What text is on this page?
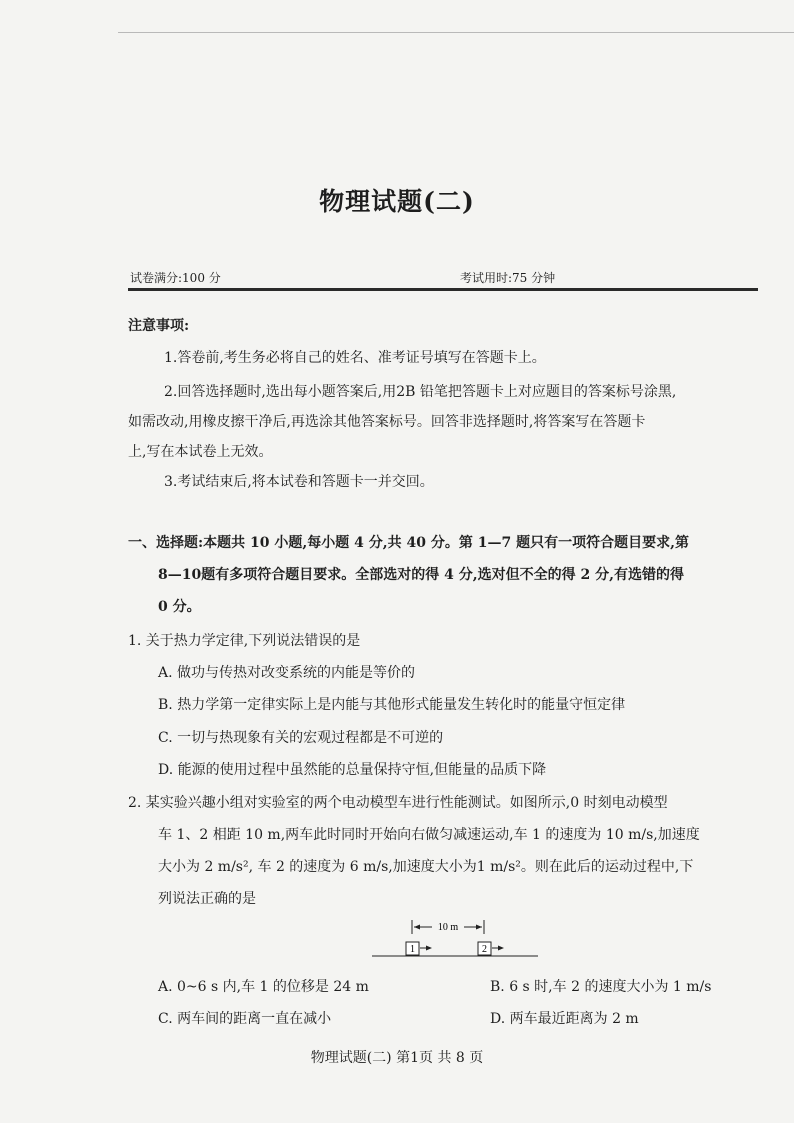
物理试题(二)
试卷满分:100 分	考试用时:75 分钟
注意事项:
1.答卷前,考生务必将自己的姓名、准考证号填写在答题卡上。
2.回答选择题时,选出每小题答案后,用2B 铅笔把答题卡上对应题目的答案标号涂黑,
如需改动,用橡皮擦干净后,再选涂其他答案标号。回答非选择题时,将答案写在答题卡
上,写在本试卷上无效。
3.考试结束后,将本试卷和答题卡一并交回。
一、选择题:本题共 10 小题,每小题 4 分,共 40 分。第 1—7 题只有一项符合题目要求,第
8—10题有多项符合题目要求。全部选对的得 4 分,选对但不全的得 2 分,有选错的得
0 分。
1. 关于热力学定律,下列说法错误的是
A. 做功与传热对改变系统的内能是等价的
B. 热力学第一定律实际上是内能与其他形式能量发生转化时的能量守恒定律
C. 一切与热现象有关的宏观过程都是不可逆的
D. 能源的使用过程中虽然能的总量保持守恒,但能量的品质下降
2. 某实验兴趣小组对实验室的两个电动模型车进行性能测试。如图所示,0 时刻电动模型
车 1、2 相距 10 m,两车此时同时开始向右做匀减速运动,车 1 的速度为 10 m/s,加速度
大小为 2 m/s², 车 2 的速度为 6 m/s,加速度大小为1 m/s²。则在此后的运动过程中,下
列说法正确的是
10 m
1	2
A. 0~6 s 内,车 1 的位移是 24 m	B. 6 s 时,车 2 的速度大小为 1 m/s
C. 两车间的距离一直在减小	D. 两车最近距离为 2 m
物理试题(二) 第1页 共 8 页
